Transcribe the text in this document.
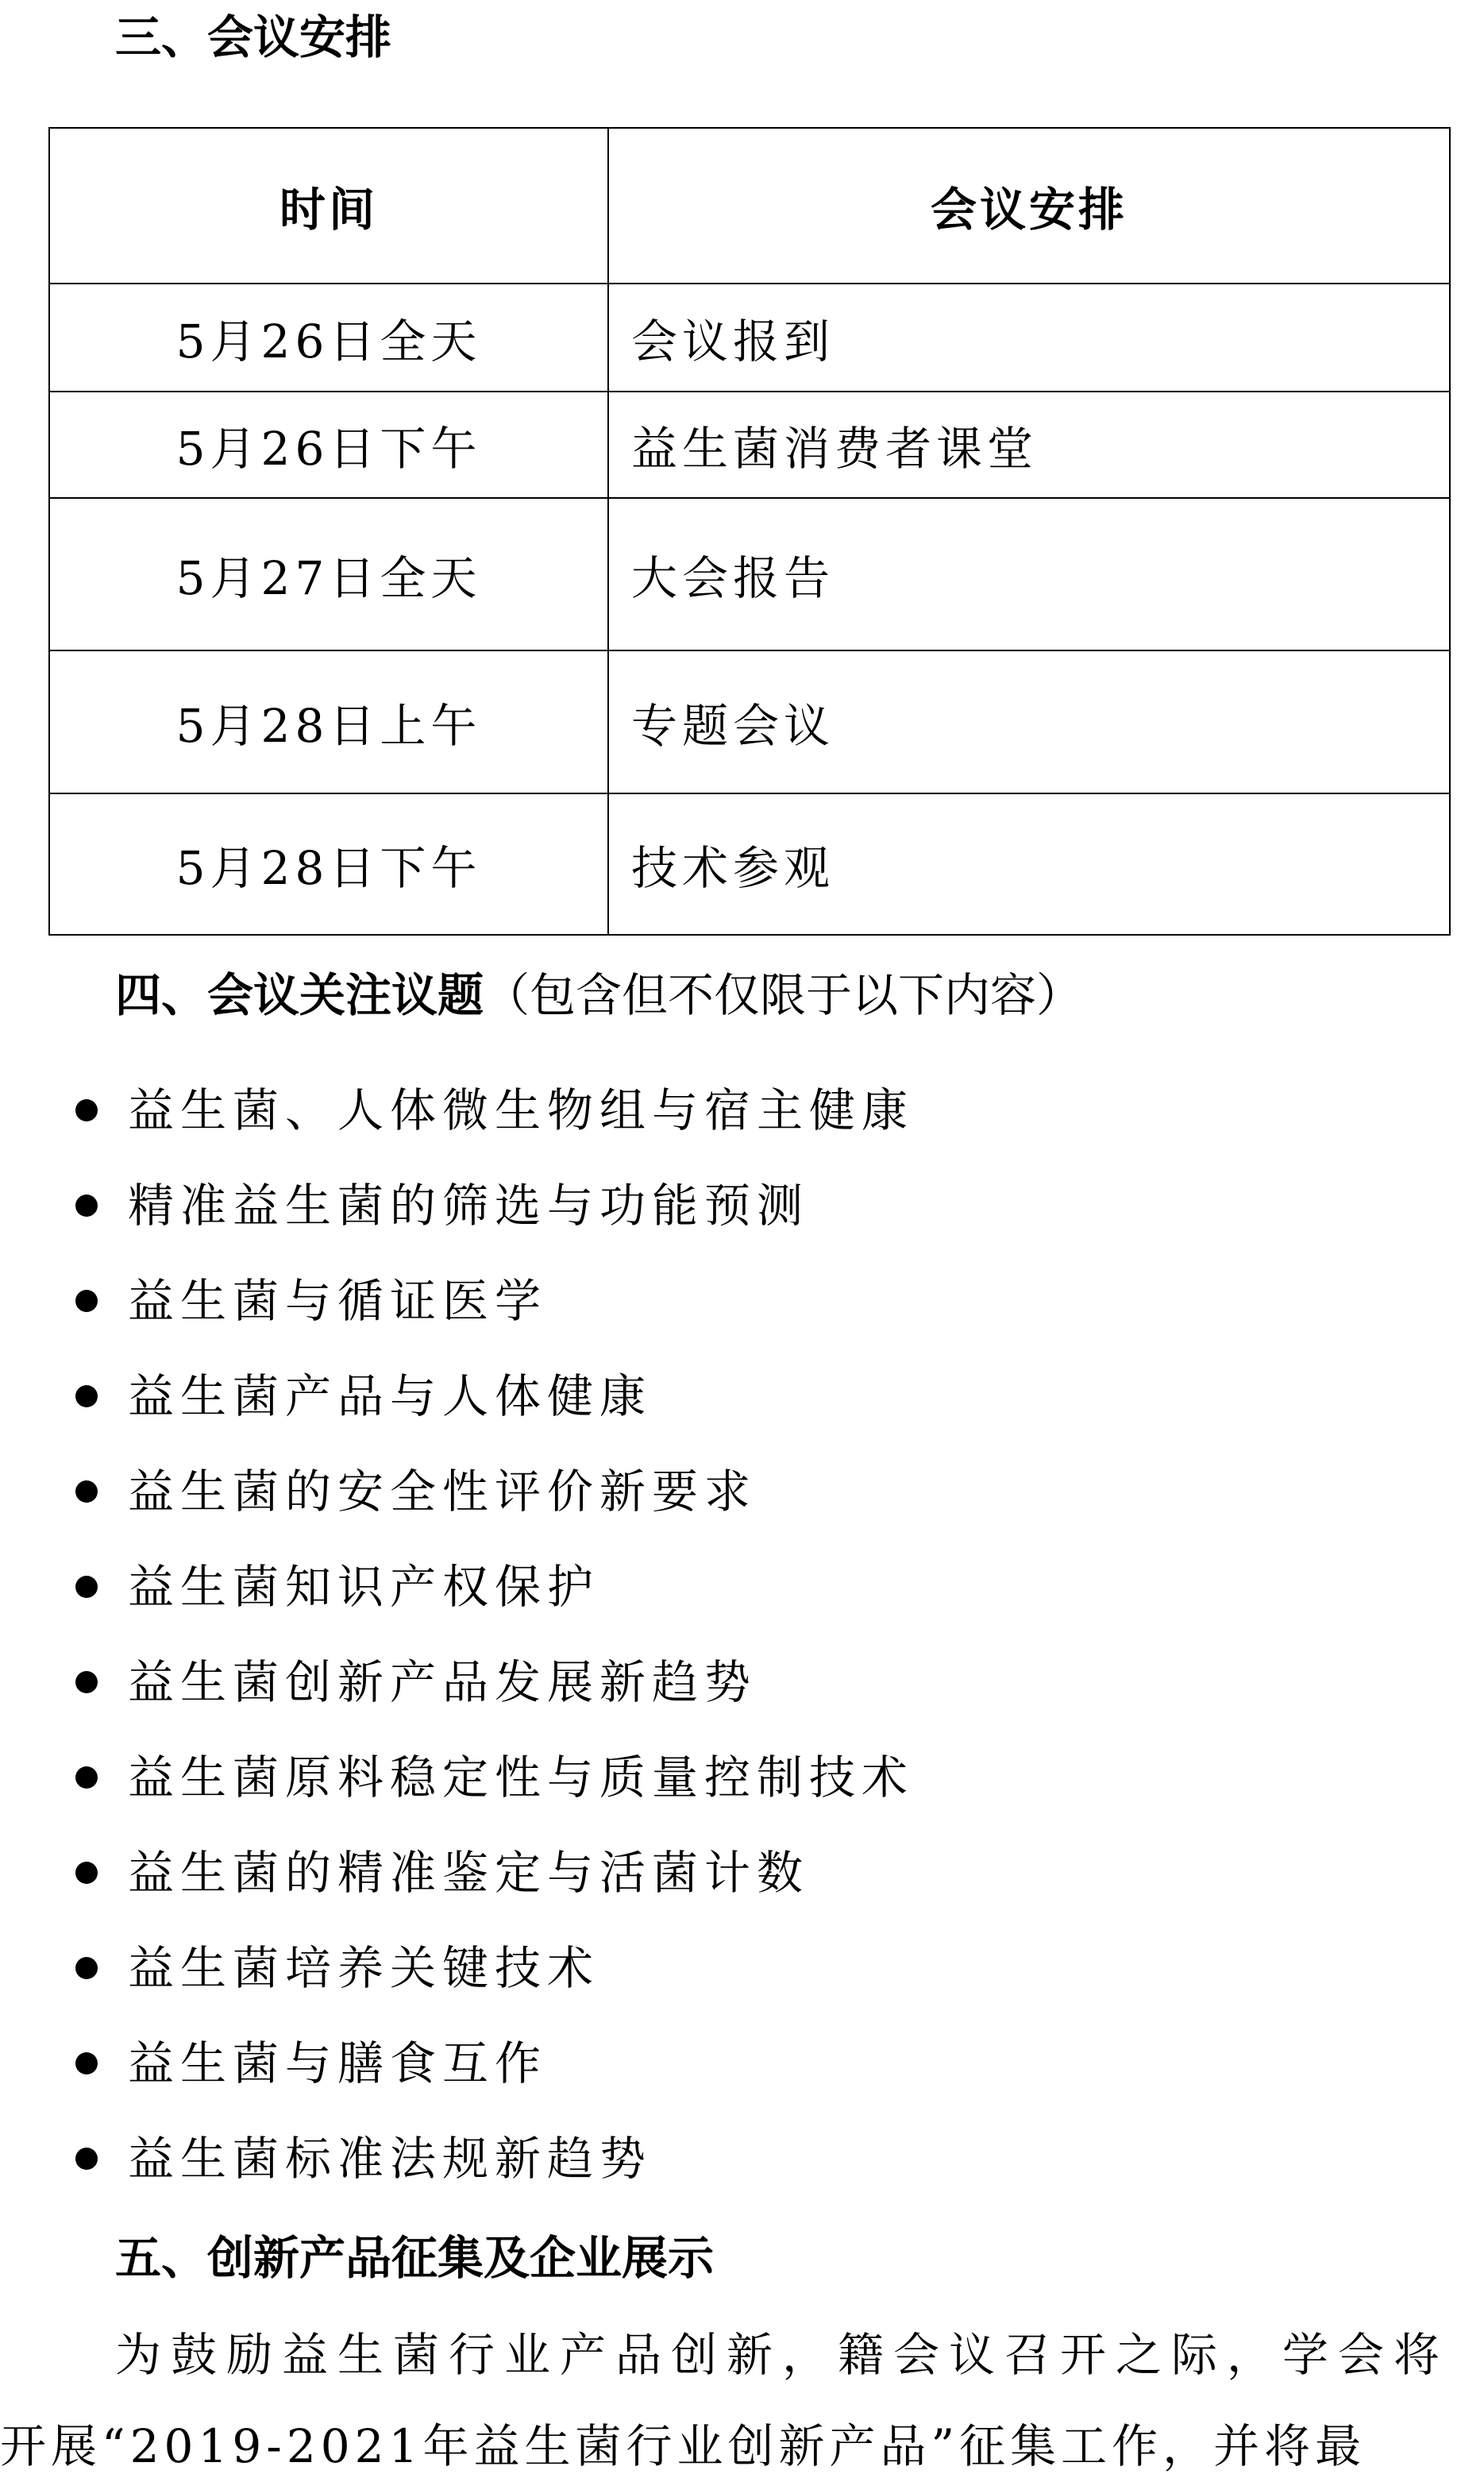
三、会议安排
时间	会议安排
5月26日全天	会议报到
5月26日下午	益生菌消费者课堂
5月27日全天	大会报告
5月28日上午	专题会议
5月28日下午	技术参观
四、会议关注议题（包含但不仅限于以下内容）
益生菌、人体微生物组与宿主健康
精准益生菌的筛选与功能预测
益生菌与循证医学
益生菌产品与人体健康
益生菌的安全性评价新要求
益生菌知识产权保护
益生菌创新产品发展新趋势
益生菌原料稳定性与质量控制技术
益生菌的精准鉴定与活菌计数
益生菌培养关键技术
益生菌与膳食互作
益生菌标准法规新趋势
五、创新产品征集及企业展示
为鼓励益生菌行业产品创新，籍会议召开之际，学会将
开展“2019-2021年益生菌行业创新产品”征集工作，并将最
